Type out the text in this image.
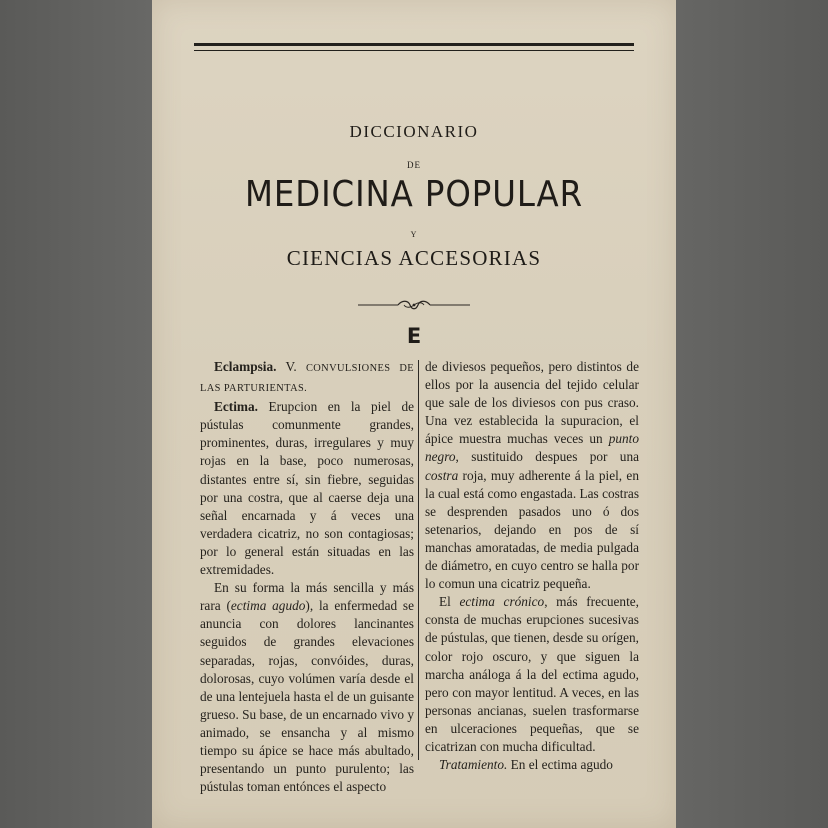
DICCIONARIO
DE
MEDICINA POPULAR
Y
CIENCIAS ACCESORIAS
E

Eclampsia. V. CONVULSIONES DE LAS PARTURIENTAS.

Ectima. Erupcion en la piel de pústulas comunmente grandes, prominentes, duras, irregulares y muy rojas en la base, poco numerosas, distantes entre sí, sin fiebre, seguidas por una costra, que al caerse deja una señal encarnada y á veces una verdadera cicatriz, no son contagiosas; por lo general están situadas en las extremidades.

En su forma la más sencilla y más rara (ectima agudo), la enfermedad se anuncia con dolores lancinantes seguidos de grandes elevaciones separadas, rojas, convóides, duras, dolorosas, cuyo volúmen varía desde el de una lentejuela hasta el de un guisante grueso. Su base, de un encarnado vivo y animado, se ensancha y al mismo tiempo su ápice se hace más abultado, presentando un punto purulento; las pústulas toman entónces el aspecto

de diviesos pequeños, pero distintos de ellos por la ausencia del tejido celular que sale de los diviesos con pus craso. Una vez establecida la supuracion, el ápice muestra muchas veces un punto negro, sustituido despues por una costra roja, muy adherente á la piel, en la cual está como engastada. Las costras se desprenden pasados uno ó dos setenarios, dejando en pos de sí manchas amoratadas, de media pulgada de diámetro, en cuyo centro se halla por lo comun una cicatriz pequeña.

El ectima crónico, más frecuente, consta de muchas erupciones sucesivas de pústulas, que tienen, desde su orígen, color rojo oscuro, y que siguen la marcha análoga á la del ectima agudo, pero con mayor lentitud. A veces, en las personas ancianas, suelen trasformarse en ulceraciones pequeñas, que se cicatrizan con mucha dificultad.

Tratamiento. En el ectima agudo
